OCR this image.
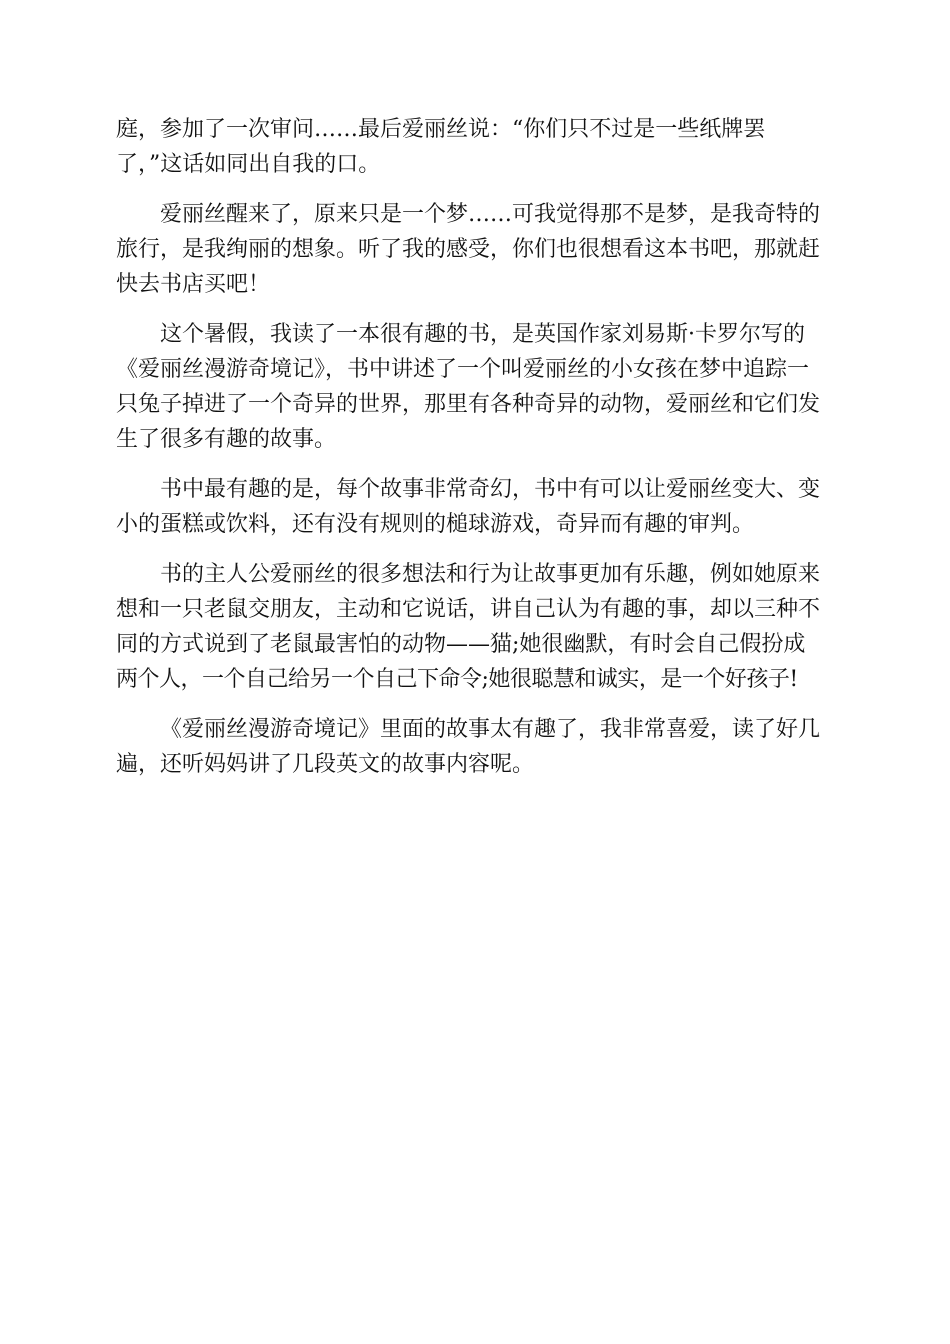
庭，参加了一次审问……最后爱丽丝说：“你们只不过是一些纸牌罢
了，”这话如同出自我的口。
爱丽丝醒来了，原来只是一个梦……可我觉得那不是梦，是我奇特的
旅行，是我绚丽的想象。听了我的感受，你们也很想看这本书吧，那就赶
快去书店买吧！
这个暑假，我读了一本很有趣的书，是英国作家刘易斯·卡罗尔写的
《爱丽丝漫游奇境记》，书中讲述了一个叫爱丽丝的小女孩在梦中追踪一
只兔子掉进了一个奇异的世界，那里有各种奇异的动物，爱丽丝和它们发
生了很多有趣的故事。
书中最有趣的是，每个故事非常奇幻，书中有可以让爱丽丝变大、变
小的蛋糕或饮料，还有没有规则的槌球游戏，奇异而有趣的审判。
书的主人公爱丽丝的很多想法和行为让故事更加有乐趣，例如她原来
想和一只老鼠交朋友，主动和它说话，讲自己认为有趣的事，却以三种不
同的方式说到了老鼠最害怕的动物——猫;她很幽默，有时会自己假扮成
两个人，一个自己给另一个自己下命令;她很聪慧和诚实，是一个好孩子!
《爱丽丝漫游奇境记》里面的故事太有趣了，我非常喜爱，读了好几
遍，还听妈妈讲了几段英文的故事内容呢。
